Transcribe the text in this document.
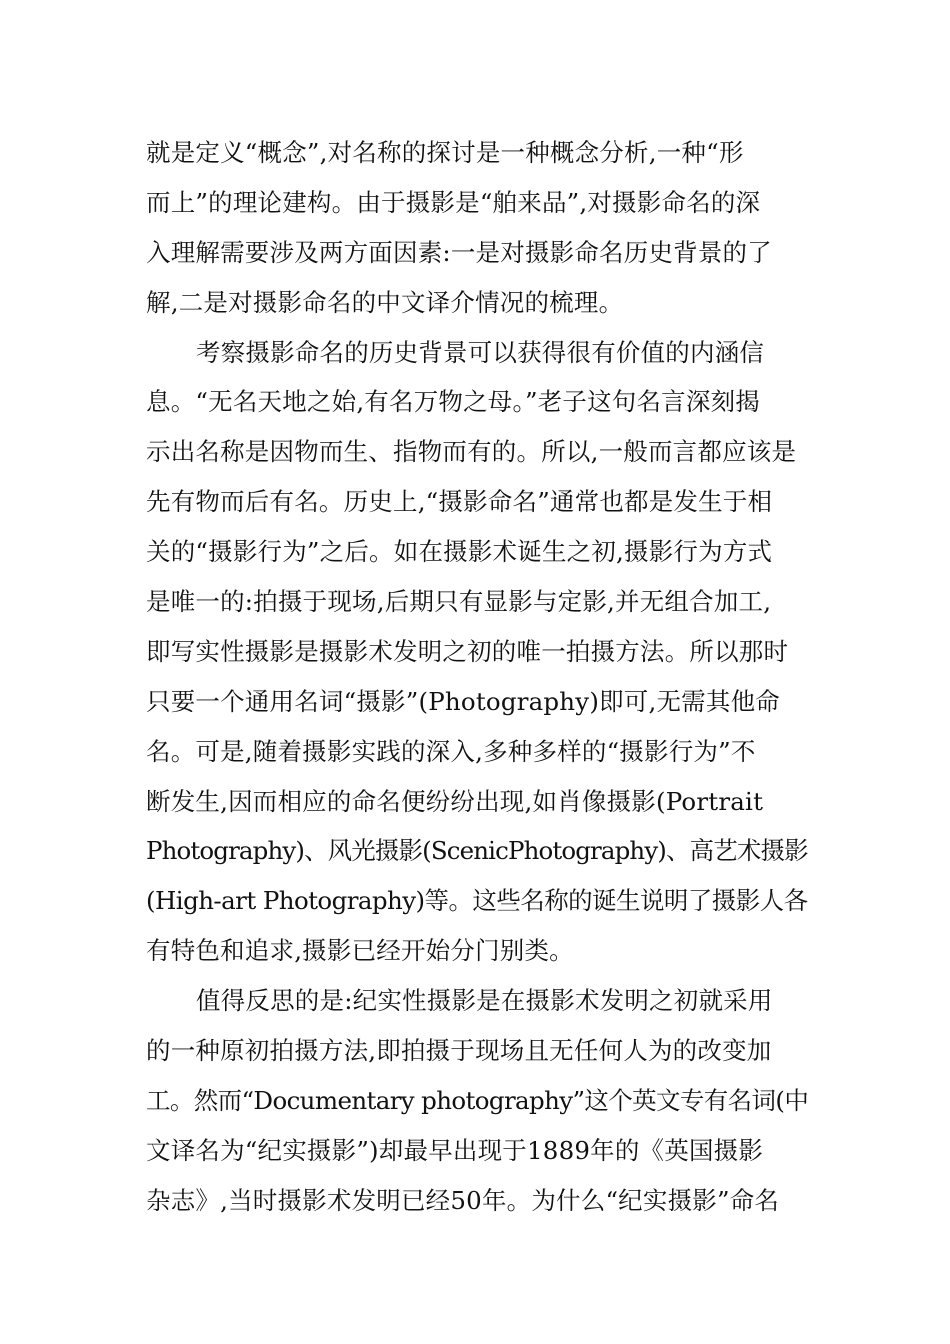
就是定义“概念”,对名称的探讨是一种概念分析,一种“形
而上”的理论建构。由于摄影是“舶来品”,对摄影命名的深
入理解需要涉及两方面因素:一是对摄影命名历史背景的了
解,二是对摄影命名的中文译介情况的梳理。
考察摄影命名的历史背景可以获得很有价值的内涵信
息。“无名天地之始,有名万物之母。”老子这句名言深刻揭
示出名称是因物而生、指物而有的。所以,一般而言都应该是
先有物而后有名。历史上,“摄影命名”通常也都是发生于相
关的“摄影行为”之后。如在摄影术诞生之初,摄影行为方式
是唯一的:拍摄于现场,后期只有显影与定影,并无组合加工,
即写实性摄影是摄影术发明之初的唯一拍摄方法。所以那时
只要一个通用名词“摄影”(Photography)即可,无需其他命
名。可是,随着摄影实践的深入,多种多样的“摄影行为”不
断发生,因而相应的命名便纷纷出现,如肖像摄影(Portrait
Photography)、风光摄影(ScenicPhotography)、高艺术摄影
(High-art Photography)等。这些名称的诞生说明了摄影人各
有特色和追求,摄影已经开始分门别类。
值得反思的是:纪实性摄影是在摄影术发明之初就采用
的一种原初拍摄方法,即拍摄于现场且无任何人为的改变加
工。然而“Documentary photography”这个英文专有名词(中
文译名为“纪实摄影”)却最早出现于1889年的《英国摄影
杂志》,当时摄影术发明已经50年。为什么“纪实摄影”命名
